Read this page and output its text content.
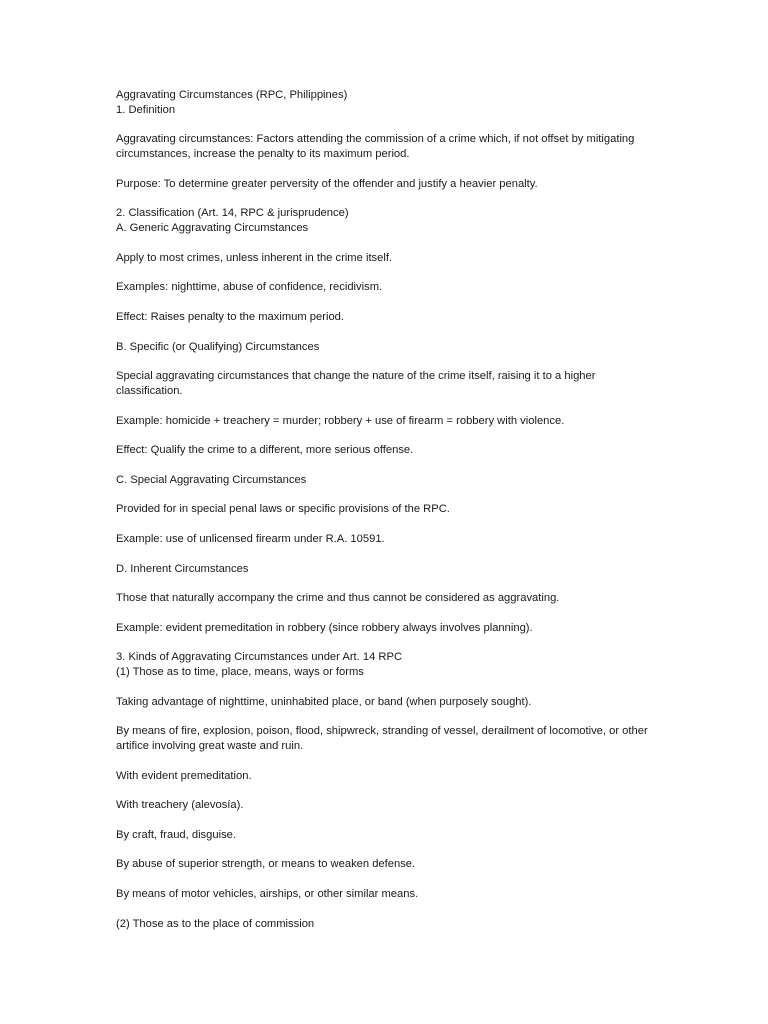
Aggravating Circumstances (RPC, Philippines)

1. Definition

Aggravating circumstances: Factors attending the commission of a crime which, if not offset by mitigating circumstances, increase the penalty to its maximum period.

Purpose: To determine greater perversity of the offender and justify a heavier penalty.

2. Classification (Art. 14, RPC & jurisprudence)

A. Generic Aggravating Circumstances

Apply to most crimes, unless inherent in the crime itself.

Examples: nighttime, abuse of confidence, recidivism.

Effect: Raises penalty to the maximum period.

B. Specific (or Qualifying) Circumstances

Special aggravating circumstances that change the nature of the crime itself, raising it to a higher classification.

Example: homicide + treachery = murder; robbery + use of firearm = robbery with violence.

Effect: Qualify the crime to a different, more serious offense.

C. Special Aggravating Circumstances

Provided for in special penal laws or specific provisions of the RPC.

Example: use of unlicensed firearm under R.A. 10591.

D. Inherent Circumstances

Those that naturally accompany the crime and thus cannot be considered as aggravating.

Example: evident premeditation in robbery (since robbery always involves planning).

3. Kinds of Aggravating Circumstances under Art. 14 RPC

(1) Those as to time, place, means, ways or forms

Taking advantage of nighttime, uninhabited place, or band (when purposely sought).

By means of fire, explosion, poison, flood, shipwreck, stranding of vessel, derailment of locomotive, or other artifice involving great waste and ruin.

With evident premeditation.

With treachery (alevosía).

By craft, fraud, disguise.

By abuse of superior strength, or means to weaken defense.

By means of motor vehicles, airships, or other similar means.

(2) Those as to the place of commission
